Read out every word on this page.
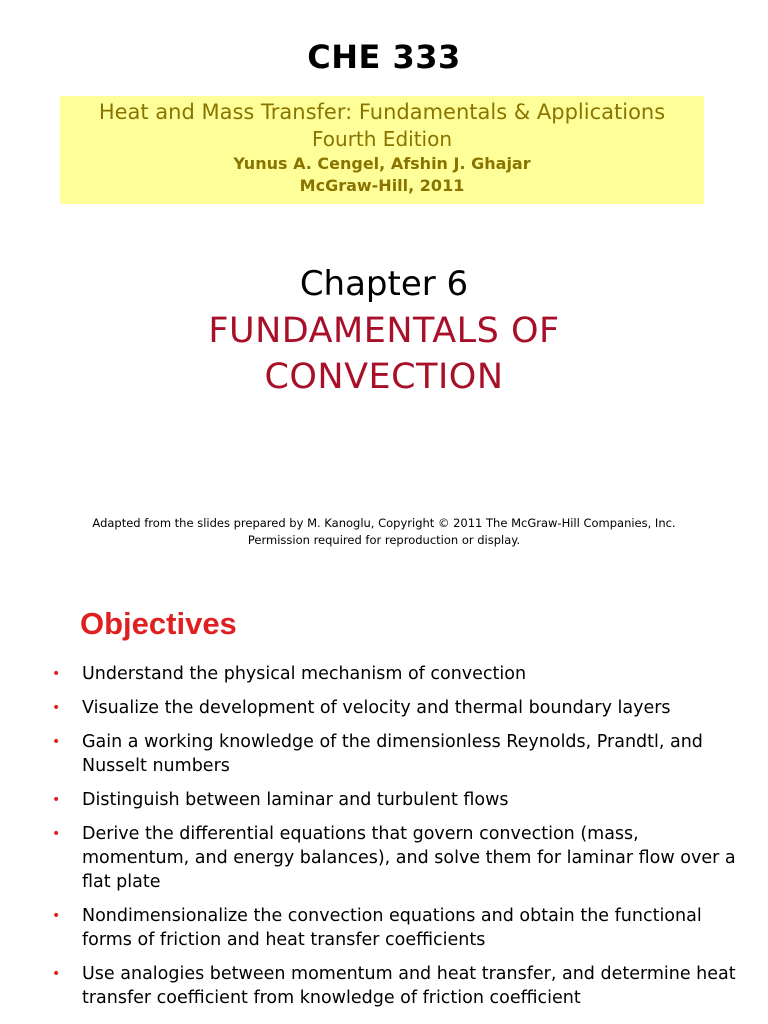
CHE 333
Heat and Mass Transfer: Fundamentals & Applications
Fourth Edition
Yunus A. Cengel, Afshin J. Ghajar
McGraw-Hill, 2011
Chapter 6
FUNDAMENTALS OF
CONVECTION
Adapted from the slides prepared by M. Kanoglu, Copyright © 2011 The McGraw-Hill Companies, Inc.
Permission required for reproduction or display.
Objectives
• Understand the physical mechanism of convection
• Visualize the development of velocity and thermal boundary layers
• Gain a working knowledge of the dimensionless Reynolds, Prandtl, and Nusselt numbers
• Distinguish between laminar and turbulent flows
• Derive the differential equations that govern convection (mass, momentum, and energy balances), and solve them for laminar flow over a flat plate
• Nondimensionalize the convection equations and obtain the functional forms of friction and heat transfer coefficients
• Use analogies between momentum and heat transfer, and determine heat transfer coefficient from knowledge of friction coefficient
